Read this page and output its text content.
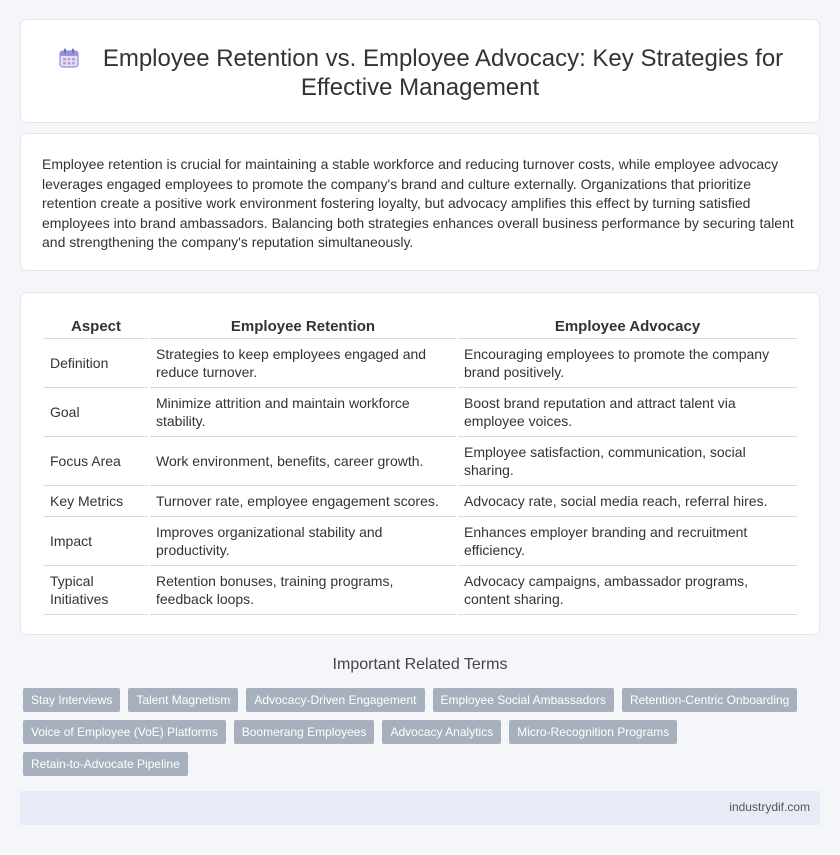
Employee Retention vs. Employee Advocacy: Key Strategies for Effective Management

Employee retention is crucial for maintaining a stable workforce and reducing turnover costs, while employee advocacy leverages engaged employees to promote the company's brand and culture externally. Organizations that prioritize retention create a positive work environment fostering loyalty, but advocacy amplifies this effect by turning satisfied employees into brand ambassadors. Balancing both strategies enhances overall business performance by securing talent and strengthening the company's reputation simultaneously.

Aspect	Employee Retention	Employee Advocacy
Definition	Strategies to keep employees engaged and reduce turnover.	Encouraging employees to promote the company brand positively.
Goal	Minimize attrition and maintain workforce stability.	Boost brand reputation and attract talent via employee voices.
Focus Area	Work environment, benefits, career growth.	Employee satisfaction, communication, social sharing.
Key Metrics	Turnover rate, employee engagement scores.	Advocacy rate, social media reach, referral hires.
Impact	Improves organizational stability and productivity.	Enhances employer branding and recruitment efficiency.
Typical Initiatives	Retention bonuses, training programs, feedback loops.	Advocacy campaigns, ambassador programs, content sharing.
Important Related Terms
Stay Interviews	Talent Magnetism	Advocacy-Driven Engagement	Employee Social Ambassadors	Retention-Centric Onboarding
Voice of Employee (VoE) Platforms	Boomerang Employees	Advocacy Analytics	Micro-Recognition Programs
Retain-to-Advocate Pipeline
industrydif.com
